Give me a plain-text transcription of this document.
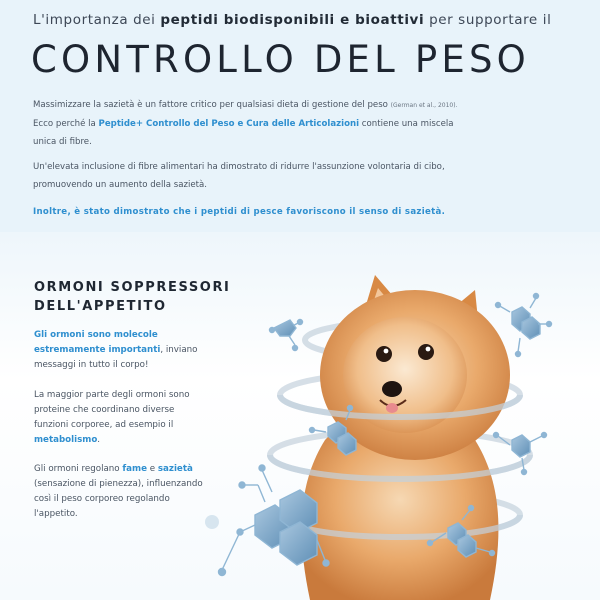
L'importanza dei peptidi biodisponibili e bioattivi per supportare il
CONTROLLO DEL PESO
Massimizzare la sazietà è un fattore critico per qualsiasi dieta di gestione del peso (German et al., 2010).
Ecco perché la Peptide+ Controllo del Peso e Cura delle Articolazioni contiene una miscela
unica di fibre.
Un'elevata inclusione di fibre alimentari ha dimostrato di ridurre l'assunzione volontaria di cibo,
promuovendo un aumento della sazietà.
Inoltre, è stato dimostrato che i peptidi di pesce favoriscono il senso di sazietà.
ORMONI SOPPRESSORI
DELL'APPETITO
Gli ormoni sono molecole
estremamente importanti, inviano
messaggi in tutto il corpo!
La maggior parte degli ormoni sono
proteine che coordinano diverse
funzioni corporee, ad esempio il
metabolismo.
Gli ormoni regolano fame e sazietà
(sensazione di pienezza), influenzando
così il peso corporeo regolando
l'appetito.
